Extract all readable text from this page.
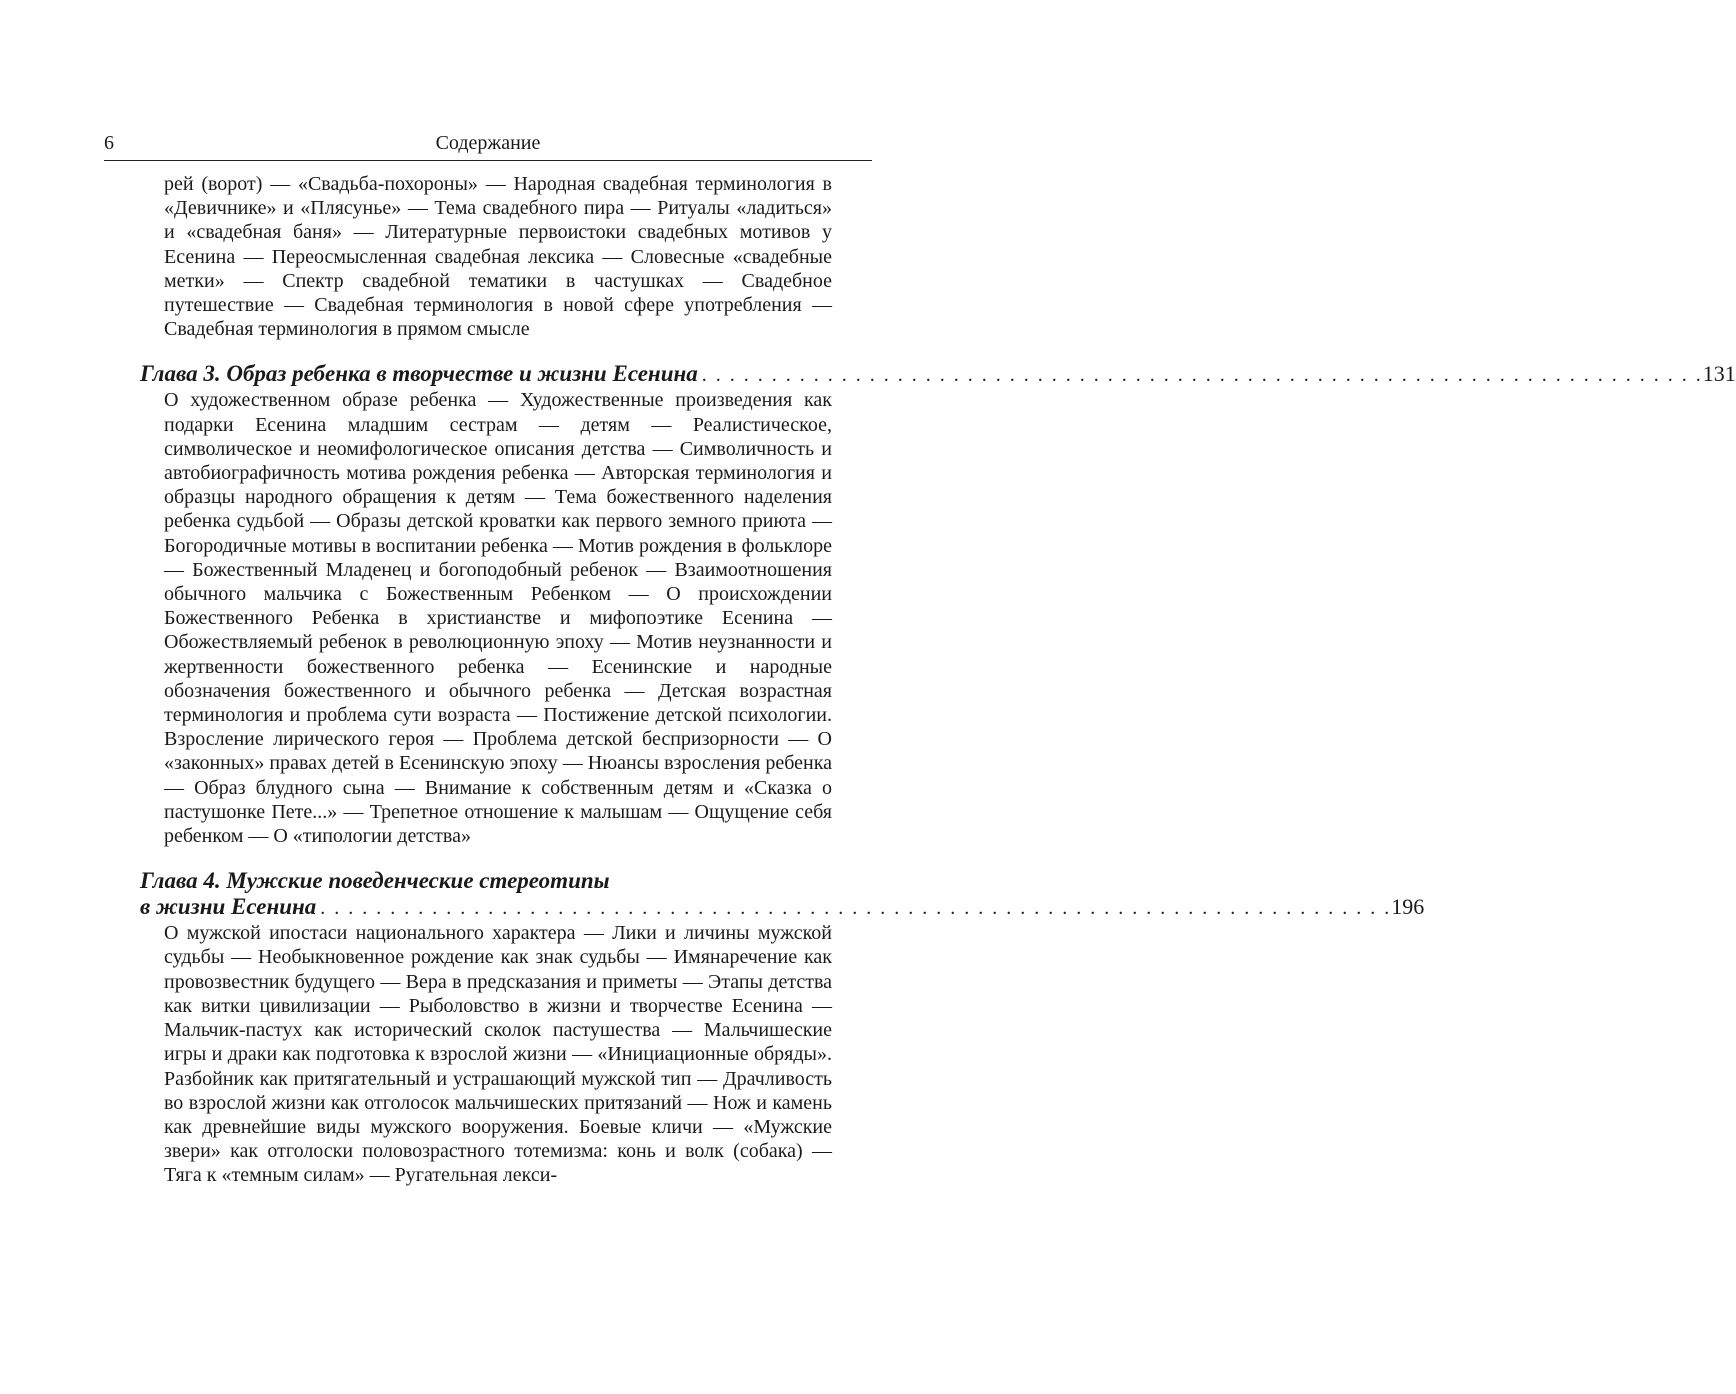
6	Содержание

рей (ворот) — «Свадьба-похороны» — Народная свадебная терминология в «Девичнике» и «Плясунье» — Тема свадебного пира — Ритуалы «ладиться» и «свадебная баня» — Литературные первоистоки свадебных мотивов у Есенина — Переосмысленная свадебная лексика — Словесные «свадебные метки» — Спектр свадебной тематики в частушках — Свадебное путешествие — Свадебная терминология в новой сфере употребления — Свадебная терминология в прямом смысле

Глава 3. Образ ребенка в творчестве и жизни Есенина . . . . . . . . . . . . . . . . . . . . . . . . . . . . . . . . . . . . . . . . . . . . . . . . . . . . . . . . . . . . . . . . . . . . . . . . 131

О художественном образе ребенка — Художественные произведения как подарки Есенина младшим сестрам — детям — Реалистическое, символическое и неомифологическое описания детства — Символичность и автобиографичность мотива рождения ребенка — Авторская терминология и образцы народного обращения к детям — Тема божественного наделения ребенка судьбой — Образы детской кроватки как первого земного приюта — Богородичные мотивы в воспитании ребенка — Мотив рождения в фольклоре — Божественный Младенец и богоподобный ребенок — Взаимоотношения обычного мальчика с Божественным Ребенком — О происхождении Божественного Ребенка в христианстве и мифопоэтике Есенина — Обожествляемый ребенок в революционную эпоху — Мотив неузнанности и жертвенности божественного ребенка — Есенинские и народные обозначения божественного и обычного ребенка — Детская возрастная терминология и проблема сути возраста — Постижение детской психологии. Взросление лирического героя — Проблема детской беспризорности — О «законных» правах детей в Есенинскую эпоху — Нюансы взросления ребенка — Образ блудного сына — Внимание к собственным детям и «Сказка о пастушонке Пете...» — Трепетное отношение к малышам — Ощущение себя ребенком — О «типологии детства»

Глава 4. Мужские поведенческие стереотипы
в жизни Есенина . . . . . . . . . . . . . . . . . . . . . . . . . . . . . . . . . . . . . . . . . . . . . . . . . . . . . . . . . . . . . . . . . . . . . . . . . . . . . 196

О мужской ипостаси национального характера — Лики и личины мужской судьбы — Необыкновенное рождение как знак судьбы — Имянаречение как провозвестник будущего — Вера в предсказания и приметы — Этапы детства как витки цивилизации — Рыболовство в жизни и творчестве Есенина — Мальчик-пастух как исторический сколок пастушества — Мальчишеские игры и драки как подготовка к взрослой жизни — «Инициационные обряды». Разбойник как притягательный и устрашающий мужской тип — Драчливость во взрослой жизни как отголосок мальчишеских притязаний — Нож и камень как древнейшие виды мужского вооружения. Боевые кличи — «Мужские звери» как отголоски половозрастного тотемизма: конь и волк (собака) — Тяга к «темным силам» — Ругательная лекси-
